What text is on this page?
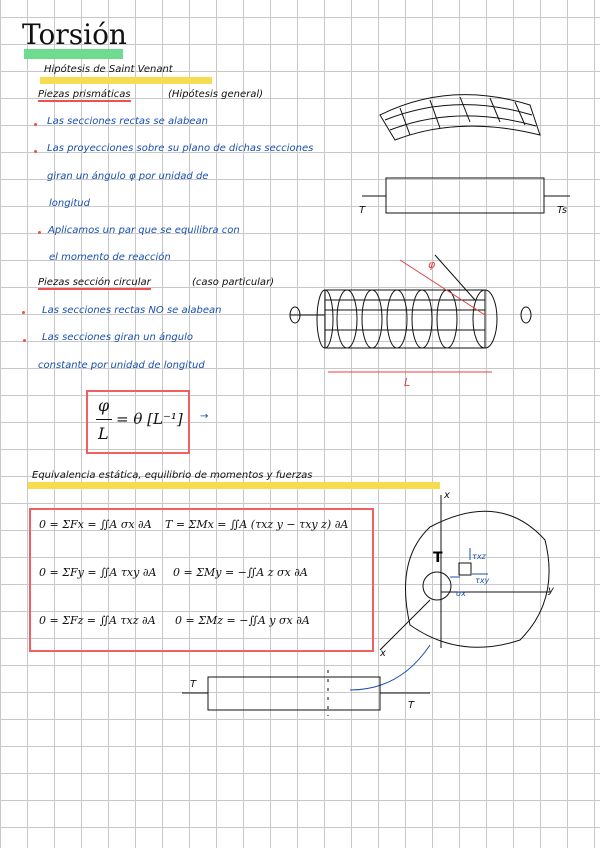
Torsión
Hipótesis de Saint Venant
Piezas prismáticas	(Hipótesis general)
Las secciones rectas se alabean
Las proyecciones sobre su plano de dichas secciones
giran un ángulo φ por unidad de
longitud
Aplicamos un par que se equilibra con
el momento de reacción
Piezas sección circular	(caso particular)
Las secciones rectas NO se alabean
Las secciones giran un ángulo
constante por unidad de longitud
φ
L
= θ [L⁻¹] →
Equivalencia estática, equilibrio de momentos y fuerzas
0 = ΣFx = ∬A σx ∂A T = ΣMx = ∬A (τxz y − τxy z) ∂A
0 = ΣFy = ∬A τxy ∂A 0 = ΣMy = −∬A z σx ∂A
0 = ΣFz = ∬A τxz ∂A 0 = ΣMz = −∬A y σx ∂A
T	Ts
φ
L
x
y
x
T	τxz
τxy
σx
T
T
